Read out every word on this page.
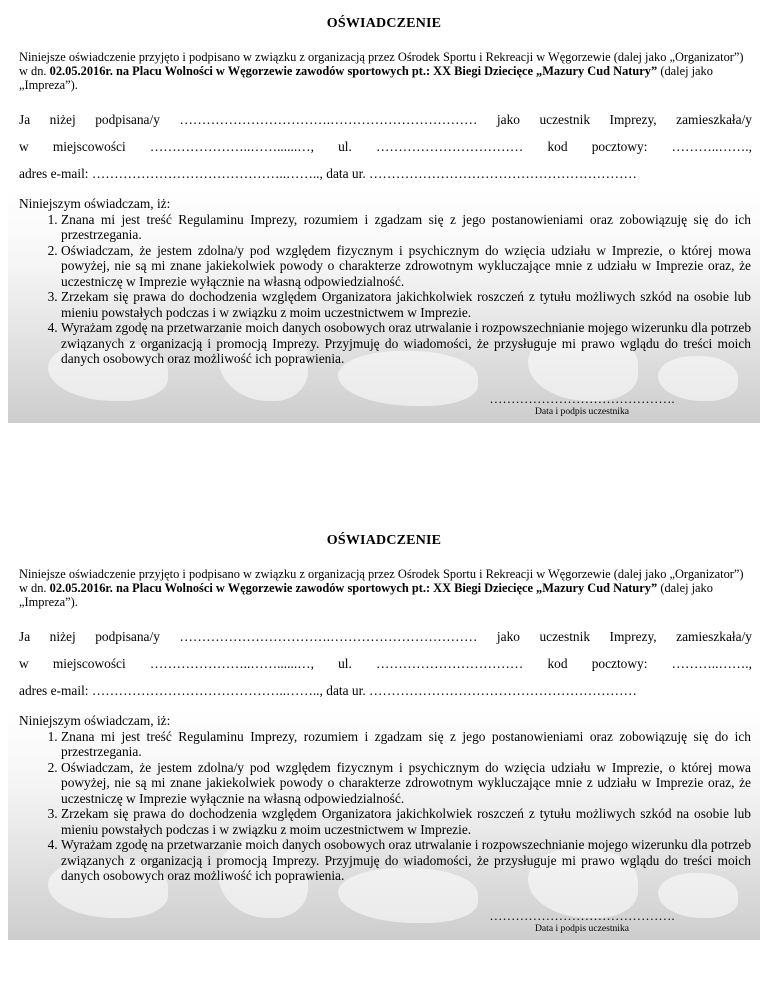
OŚWIADCZENIE
Niniejsze oświadczenie przyjęto i podpisano w związku z organizacją przez Ośrodek Sportu i Rekreacji w Węgorzewie (dalej jako „Organizator”) w dn. 02.05.2016r. na Placu Wolności w Węgorzewie zawodów sportowych pt.: XX Biegi Dziecięce „Mazury Cud Natury” (dalej jako „Impreza”).
Ja niżej podpisana/y …………………………….…………………………… jako uczestnik Imprezy, zamieszkała/y
w miejscowości …………………..……......…, ul. …………………………… kod pocztowy: ………..…….,
adres e-mail: ……………………………………..…….., data ur. ……………………………………………………

Niniejszym oświadczam, iż:

1. Znana mi jest treść Regulaminu Imprezy, rozumiem i zgadzam się z jego postanowieniami oraz zobowiązuję się do ich przestrzegania.
2. Oświadczam, że jestem zdolna/y pod względem fizycznym i psychicznym do wzięcia udziału w Imprezie, o której mowa powyżej, nie są mi znane jakiekolwiek powody o charakterze zdrowotnym wykluczające mnie z udziału w Imprezie oraz, że uczestniczę w Imprezie wyłącznie na własną odpowiedzialność.
3. Zrzekam się prawa do dochodzenia względem Organizatora jakichkolwiek roszczeń z tytułu możliwych szkód na osobie lub mieniu powstałych podczas i w związku z moim uczestnictwem w Imprezie.
4. Wyrażam zgodę na przetwarzanie moich danych osobowych oraz utrwalanie i rozpowszechnianie mojego wizerunku dla potrzeb związanych z organizacją i promocją Imprezy. Przyjmuję do wiadomości, że przysługuje mi prawo wglądu do treści moich danych osobowych oraz możliwość ich poprawienia.
…………………………………….
Data i podpis uczestnika
OŚWIADCZENIE
Niniejsze oświadczenie przyjęto i podpisano w związku z organizacją przez Ośrodek Sportu i Rekreacji w Węgorzewie (dalej jako „Organizator”) w dn. 02.05.2016r. na Placu Wolności w Węgorzewie zawodów sportowych pt.: XX Biegi Dziecięce „Mazury Cud Natury” (dalej jako „Impreza”).
Ja niżej podpisana/y …………………………….…………………………… jako uczestnik Imprezy, zamieszkała/y
w miejscowości …………………..……......…, ul. …………………………… kod pocztowy: ………..…….,
adres e-mail: ……………………………………..…….., data ur. ……………………………………………………

Niniejszym oświadczam, iż:

1. Znana mi jest treść Regulaminu Imprezy, rozumiem i zgadzam się z jego postanowieniami oraz zobowiązuję się do ich przestrzegania.
2. Oświadczam, że jestem zdolna/y pod względem fizycznym i psychicznym do wzięcia udziału w Imprezie, o której mowa powyżej, nie są mi znane jakiekolwiek powody o charakterze zdrowotnym wykluczające mnie z udziału w Imprezie oraz, że uczestniczę w Imprezie wyłącznie na własną odpowiedzialność.
3. Zrzekam się prawa do dochodzenia względem Organizatora jakichkolwiek roszczeń z tytułu możliwych szkód na osobie lub mieniu powstałych podczas i w związku z moim uczestnictwem w Imprezie.
4. Wyrażam zgodę na przetwarzanie moich danych osobowych oraz utrwalanie i rozpowszechnianie mojego wizerunku dla potrzeb związanych z organizacją i promocją Imprezy. Przyjmuję do wiadomości, że przysługuje mi prawo wglądu do treści moich danych osobowych oraz możliwość ich poprawienia.
…………………………………….
Data i podpis uczestnika
